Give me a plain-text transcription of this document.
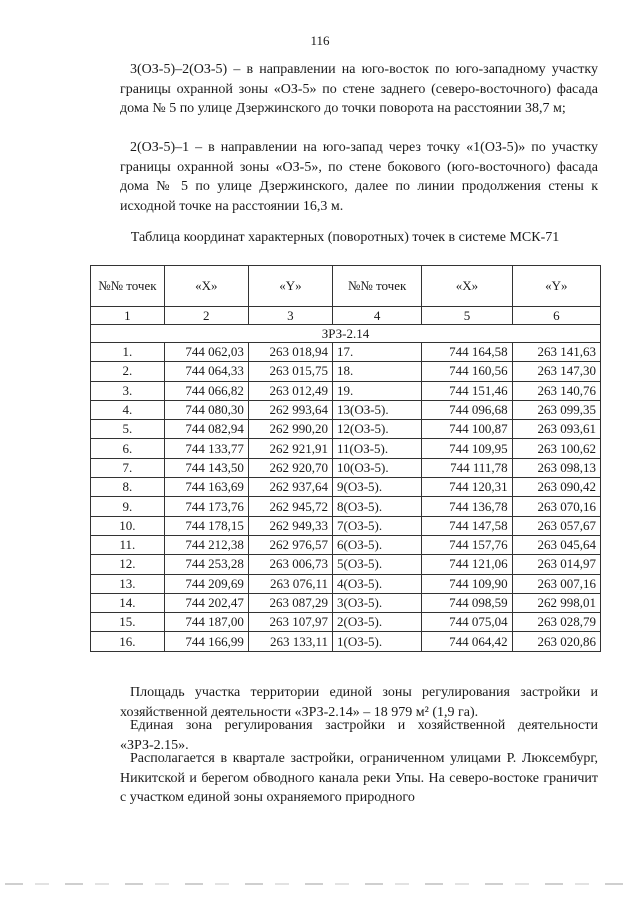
116

3(ОЗ-5)–2(ОЗ-5) – в направлении на юго-восток по юго-западному участку границы охранной зоны «ОЗ-5» по стене заднего (северо-восточного) фасада дома № 5 по улице Дзержинского до точки поворота на расстоянии 38,7 м;

2(ОЗ-5)–1 – в направлении на юго-запад через точку «1(ОЗ-5)» по участку границы охранной зоны «ОЗ-5», по стене бокового (юго-восточного) фасада дома № 5 по улице Дзержинского, далее по линии продолжения стены к исходной точке на расстоянии 16,3 м.

Таблица координат характерных (поворотных) точек в системе МСК-71
№№ точек	«X»	«Y»	№№ точек	«X»	«Y»
1	2	3	4	5	6
ЗРЗ-2.14					
1.	744 062,03	263 018,94	17.	744 164,58	263 141,63
2.	744 064,33	263 015,75	18.	744 160,56	263 147,30
3.	744 066,82	263 012,49	19.	744 151,46	263 140,76
4.	744 080,30	262 993,64	13(ОЗ-5).	744 096,68	263 099,35
5.	744 082,94	262 990,20	12(ОЗ-5).	744 100,87	263 093,61
6.	744 133,77	262 921,91	11(ОЗ-5).	744 109,95	263 100,62
7.	744 143,50	262 920,70	10(ОЗ-5).	744 111,78	263 098,13
8.	744 163,69	262 937,64	9(ОЗ-5).	744 120,31	263 090,42
9.	744 173,76	262 945,72	8(ОЗ-5).	744 136,78	263 070,16
10.	744 178,15	262 949,33	7(ОЗ-5).	744 147,58	263 057,67
11.	744 212,38	262 976,57	6(ОЗ-5).	744 157,76	263 045,64
12.	744 253,28	263 006,73	5(ОЗ-5).	744 121,06	263 014,97
13.	744 209,69	263 076,11	4(ОЗ-5).	744 109,90	263 007,16
14.	744 202,47	263 087,29	3(ОЗ-5).	744 098,59	262 998,01
15.	744 187,00	263 107,97	2(ОЗ-5).	744 075,04	263 028,79
16.	744 166,99	263 133,11	1(ОЗ-5).	744 064,42	263 020,86

Площадь участка территории единой зоны регулирования застройки и хозяйственной деятельности «ЗРЗ-2.14» – 18 979 м² (1,9 га).

Единая зона регулирования застройки и хозяйственной деятельности «ЗРЗ-2.15».

Располагается в квартале застройки, ограниченном улицами Р. Люксембург, Никитской и берегом обводного канала реки Упы. На северо-востоке граничит с участком единой зоны охраняемого природного
